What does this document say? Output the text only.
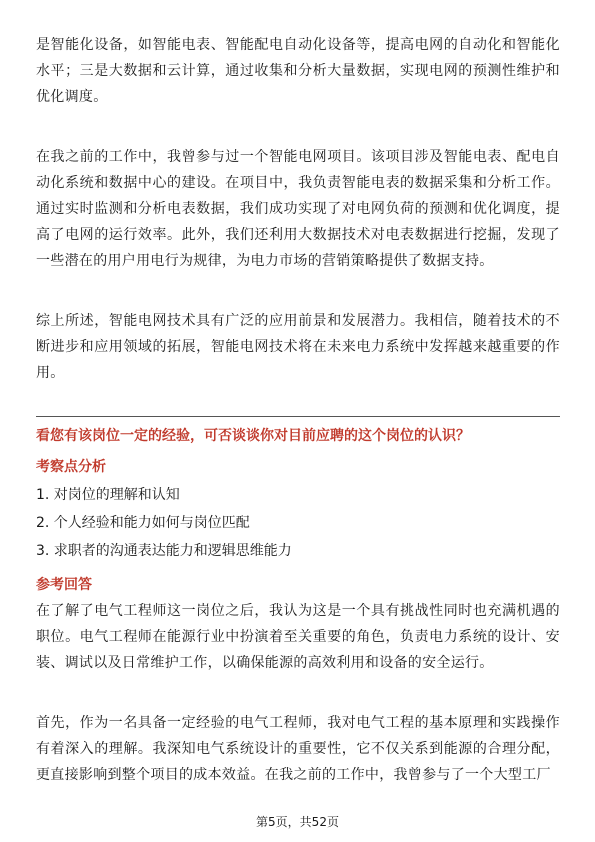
是智能化设备，如智能电表、智能配电自动化设备等，提高电网的自动化和智能化水平；三是大数据和云计算，通过收集和分析大量数据，实现电网的预测性维护和优化调度。

在我之前的工作中，我曾参与过一个智能电网项目。该项目涉及智能电表、配电自动化系统和数据中心的建设。在项目中，我负责智能电表的数据采集和分析工作。通过实时监测和分析电表数据，我们成功实现了对电网负荷的预测和优化调度，提高了电网的运行效率。此外，我们还利用大数据技术对电表数据进行挖掘，发现了一些潜在的用户用电行为规律，为电力市场的营销策略提供了数据支持。

综上所述，智能电网技术具有广泛的应用前景和发展潜力。我相信，随着技术的不断进步和应用领域的拓展，智能电网技术将在未来电力系统中发挥越来越重要的作用。

看您有该岗位一定的经验，可否谈谈你对目前应聘的这个岗位的认识？

考察点分析

1. 对岗位的理解和认知
2. 个人经验和能力如何与岗位匹配
3. 求职者的沟通表达能力和逻辑思维能力

参考回答

在了解了电气工程师这一岗位之后，我认为这是一个具有挑战性同时也充满机遇的职位。电气工程师在能源行业中扮演着至关重要的角色，负责电力系统的设计、安装、调试以及日常维护工作，以确保能源的高效利用和设备的安全运行。

首先，作为一名具备一定经验的电气工程师，我对电气工程的基本原理和实践操作有着深入的理解。我深知电气系统设计的重要性，它不仅关系到能源的合理分配，更直接影响到整个项目的成本效益。在我之前的工作中，我曾参与了一个大型工厂

第5页，共52页
